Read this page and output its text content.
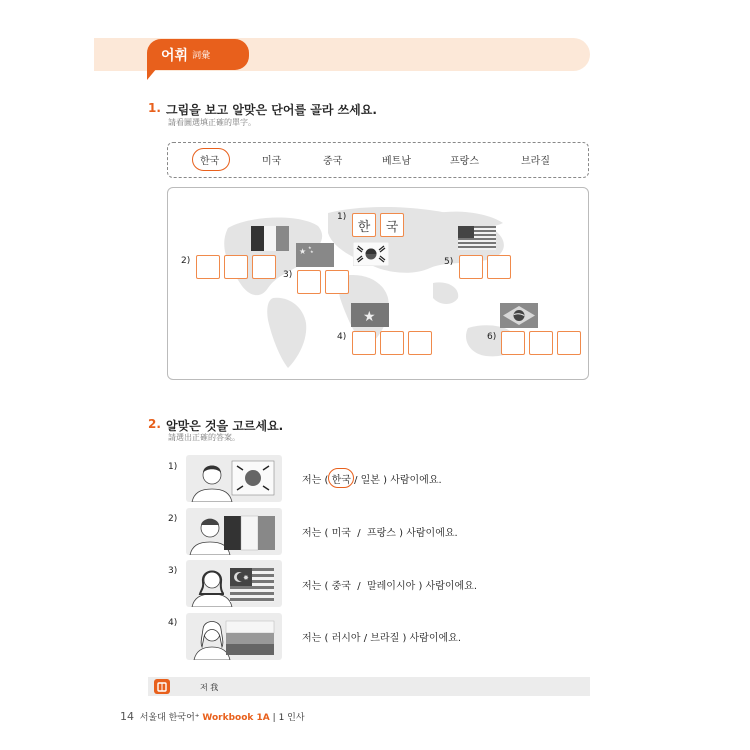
어휘 詞彙
1. 그림을 보고 알맞은 단어를 골라 쓰세요.
請看圖選填正確的單字。
한국	미국	중국	베트남	프랑스	브라질
1)
한	국
2)
★ ★
★
3)
★
4)
5)
6)
2. 알맞은 것을 고르세요.
請選出正確的答案。
1)
저는 ( 한국 / 일본 ) 사람이에요.
2)
저는 ( 미국  /  프랑스 ) 사람이에요.
3)
✸
저는 ( 중국  /  말레이시아 ) 사람이에요.
4)
저는 ( 러시아 / 브라질 ) 사람이에요.
저 我
14 서울대 한국어⁺ Workbook 1A | 1 인사
